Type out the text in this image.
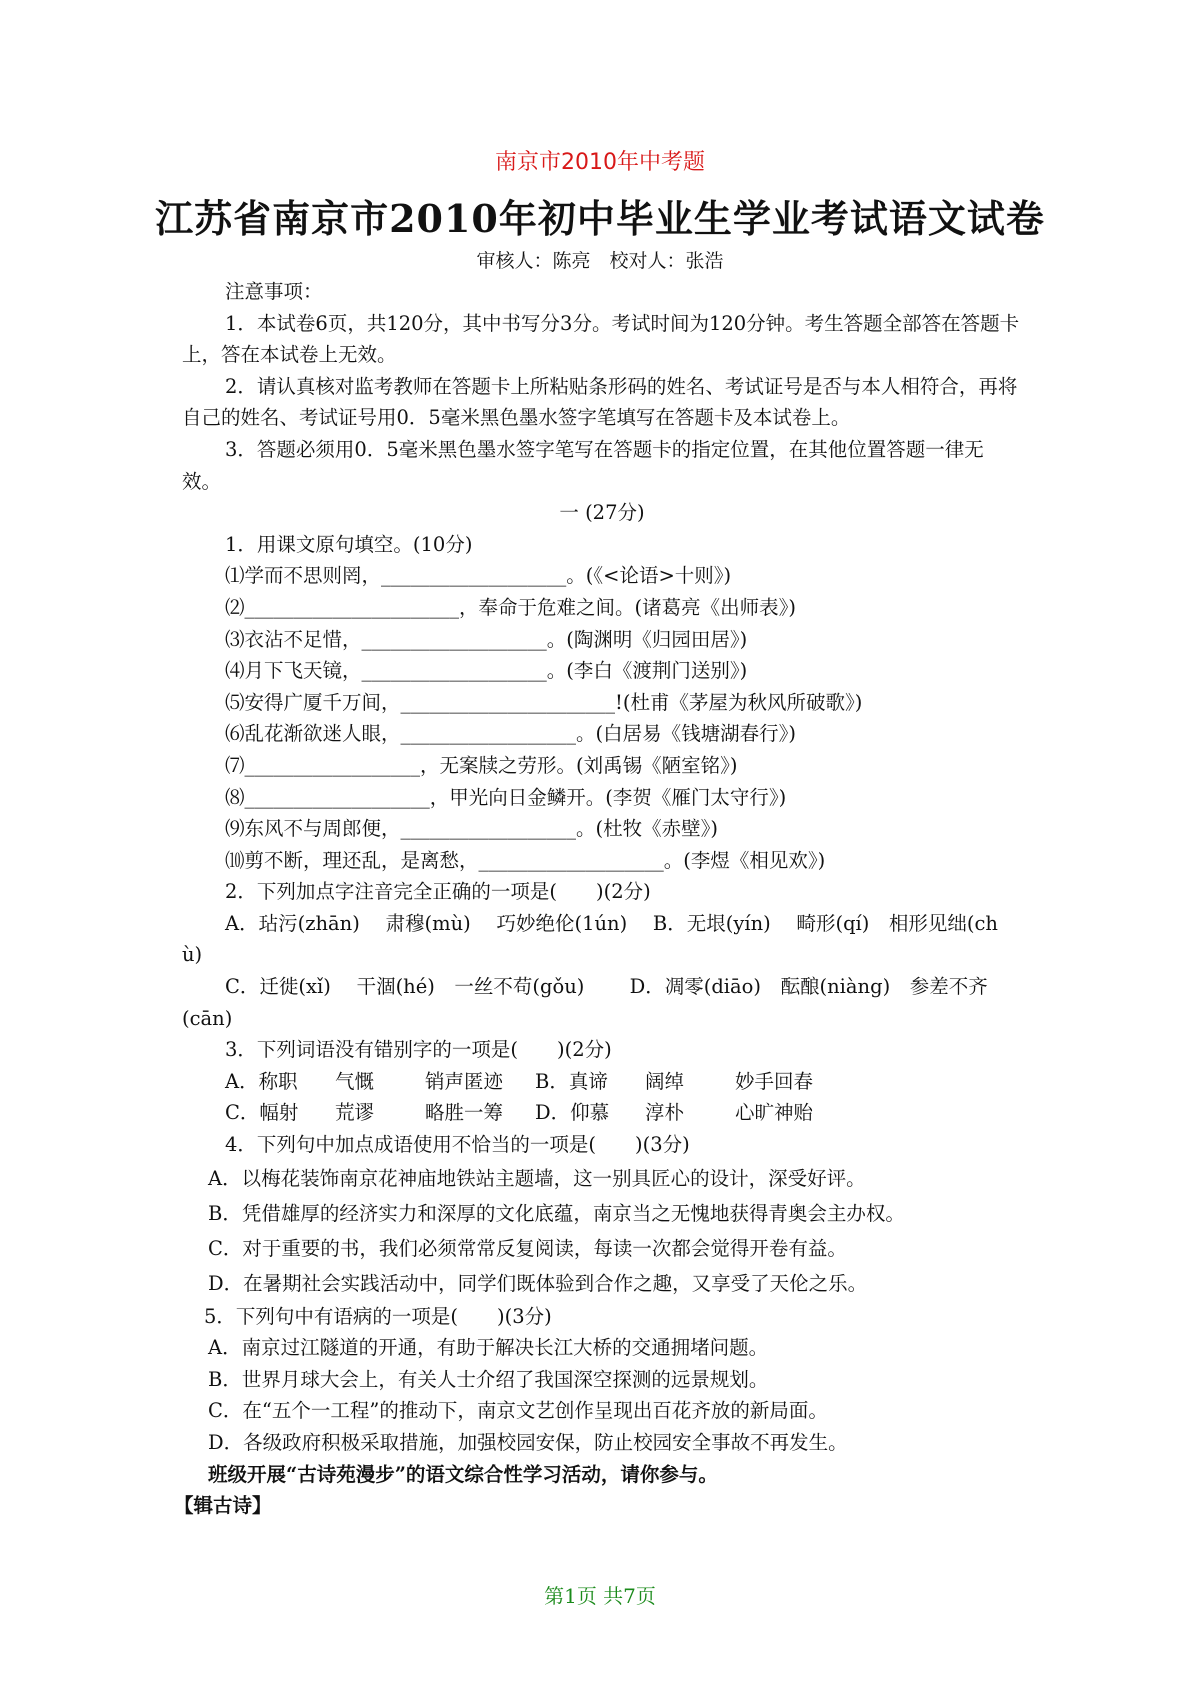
南京市2010年中考题
江苏省南京市2010年初中毕业生学业考试语文试卷
审核人：陈亮　校对人：张浩

注意事项：

1．本试卷6页，共120分，其中书写分3分。考试时间为120分钟。考生答题全部答在答题卡上，答在本试卷上无效。

2．请认真核对监考教师在答题卡上所粘贴条形码的姓名、考试证号是否与本人相符合，再将自己的姓名、考试证号用0．5毫米黑色墨水签字笔填写在答题卡及本试卷上。

3．答题必须用0．5毫米黑色墨水签字笔写在答题卡的指定位置，在其他位置答题一律无效。

一 (27分)

1．用课文原句填空。(10分)

⑴学而不思则罔，___________________。(《<论语>十则》)

⑵______________________，奉命于危难之间。(诸葛亮《出师表》)

⑶衣沾不足惜，___________________。(陶渊明《归园田居》)

⑷月下飞天镜，___________________。(李白《渡荆门送别》)

⑸安得广厦千万间，______________________!(杜甫《茅屋为秋风所破歌》)

⑹乱花渐欲迷人眼，__________________。(白居易《钱塘湖春行》)

⑺__________________，无案牍之劳形。(刘禹锡《陋室铭》)

⑻___________________，甲光向日金鳞开。(李贺《雁门太守行》)

⑼东风不与周郎便，__________________。(杜牧《赤壁》)

⑽剪不断，理还乱，是离愁，___________________。(李煜《相见欢》)

2．下列加点字注音完全正确的一项是(　　)(2分)

A．玷污(zhān)　 肃穆(mù)　 巧妙绝伦(1ún)　 B．无垠(yín)　 畸形(qí)　相形见绌(ch

ù)

C．迁徙(xǐ)　 干涸(hé)　一丝不苟(gǒu)　　 D．凋零(diāo)　酝酿(niàng)　参差不齐

(cān)

3．下列词语没有错别字的一项是(　　)(2分)

A．称职	气慨	销声匿迹	B．真谛	阔绰	妙手回春
C．幅射	荒谬	略胜一筹	D．仰慕	淳朴	心旷神贻

4．下列句中加点成语使用不恰当的一项是(　　)(3分)

A．以梅花装饰南京花神庙地铁站主题墙，这一别具匠心的设计，深受好评。

B．凭借雄厚的经济实力和深厚的文化底蕴，南京当之无愧地获得青奥会主办权。

C．对于重要的书，我们必须常常反复阅读，每读一次都会觉得开卷有益。

D．在暑期社会实践活动中，同学们既体验到合作之趣，又享受了天伦之乐。

5．下列句中有语病的一项是(　　)(3分)

A．南京过江隧道的开通，有助于解决长江大桥的交通拥堵问题。

B．世界月球大会上，有关人士介绍了我国深空探测的远景规划。

C．在“五个一工程”的推动下，南京文艺创作呈现出百花齐放的新局面。

D．各级政府积极采取措施，加强校园安保，防止校园安全事故不再发生。

班级开展“古诗苑漫步”的语文综合性学习活动，请你参与。

【辑古诗】

第1页 共7页
